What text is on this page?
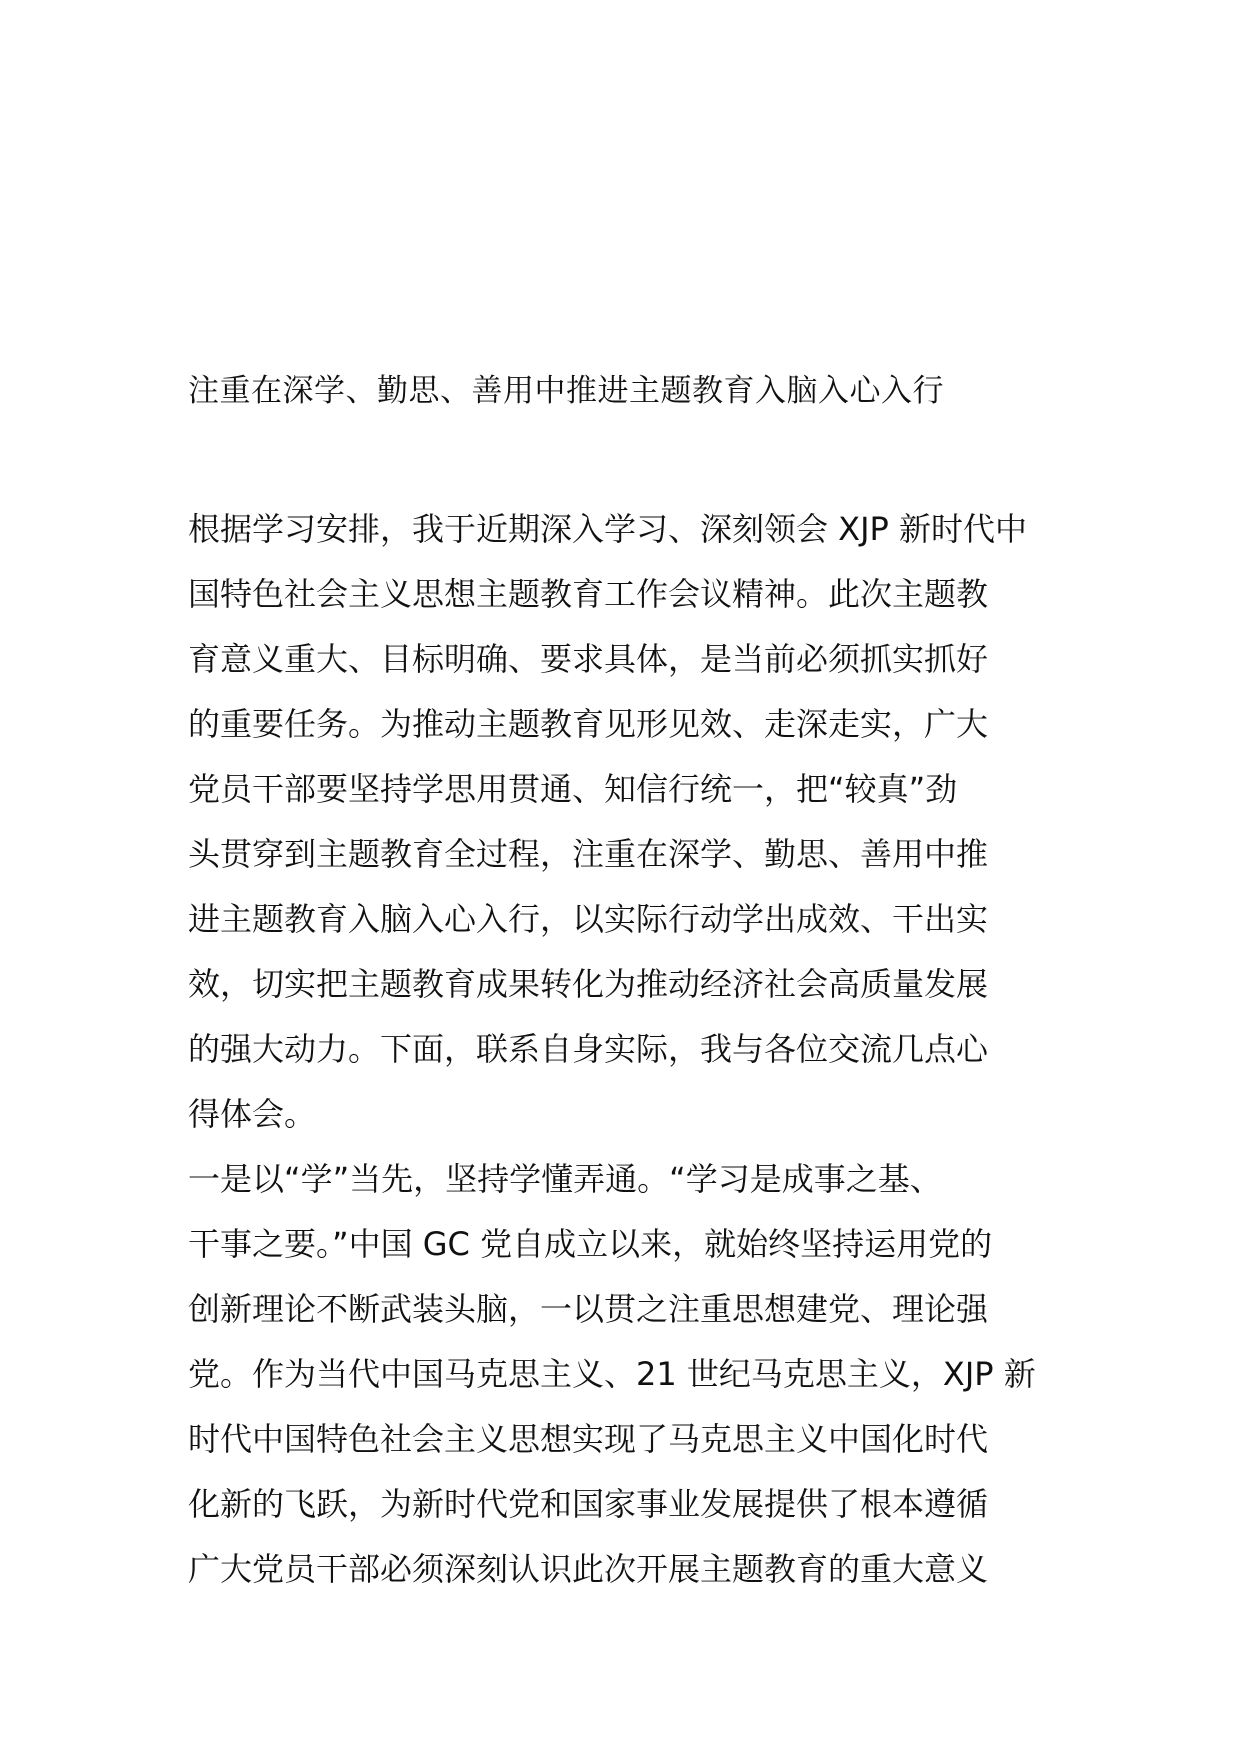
注重在深学、勤思、善用中推进主题教育入脑入心入行
根据学习安排，我于近期深入学习、深刻领会 XJP 新时代中
国特色社会主义思想主题教育工作会议精神。此次主题教
育意义重大、目标明确、要求具体，是当前必须抓实抓好
的重要任务。为推动主题教育见形见效、走深走实，广大
党员干部要坚持学思用贯通、知信行统一，把“较真”劲
头贯穿到主题教育全过程，注重在深学、勤思、善用中推
进主题教育入脑入心入行，以实际行动学出成效、干出实
效，切实把主题教育成果转化为推动经济社会高质量发展
的强大动力。下面，联系自身实际，我与各位交流几点心
得体会。
一是以“学”当先，坚持学懂弄通。“学习是成事之基、
干事之要。”中国 GC 党自成立以来，就始终坚持运用党的
创新理论不断武装头脑，一以贯之注重思想建党、理论强
党。作为当代中国马克思主义、21 世纪马克思主义，XJP 新
时代中国特色社会主义思想实现了马克思主义中国化时代
化新的飞跃，为新时代党和国家事业发展提供了根本遵循
广大党员干部必须深刻认识此次开展主题教育的重大意义
